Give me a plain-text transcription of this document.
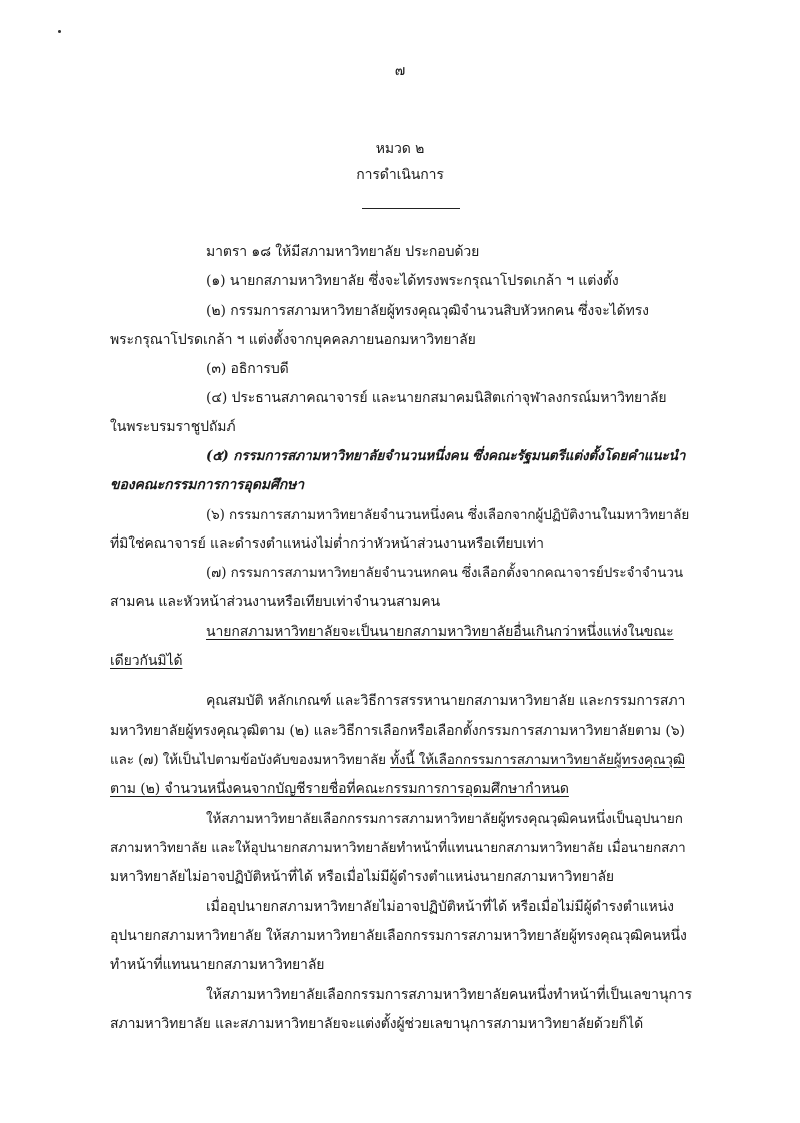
๗
หมวด ๒
การดำเนินการ
มาตรา ๑๘ ให้มีสภามหาวิทยาลัย ประกอบด้วย
(๑) นายกสภามหาวิทยาลัย ซึ่งจะได้ทรงพระกรุณาโปรดเกล้า ฯ แต่งตั้ง
(๒) กรรมการสภามหาวิทยาลัยผู้ทรงคุณวุฒิจำนวนสิบหัวหกคน ซึ่งจะได้ทรง
พระกรุณาโปรดเกล้า ฯ แต่งตั้งจากบุคคลภายนอกมหาวิทยาลัย
(๓) อธิการบดี
(๔) ประธานสภาคณาจารย์ และนายกสมาคมนิสิตเก่าจุฬาลงกรณ์มหาวิทยาลัย
ในพระบรมราชูปถัมภ์
(๕) กรรมการสภามหาวิทยาลัยจำนวนหนึ่งคน ซึ่งคณะรัฐมนตรีแต่งตั้งโดยคำแนะนำ
ของคณะกรรมการการอุดมศึกษา
(๖) กรรมการสภามหาวิทยาลัยจำนวนหนึ่งคน ซึ่งเลือกจากผู้ปฏิบัติงานในมหาวิทยาลัย
ที่มิใช่คณาจารย์ และดำรงตำแหน่งไม่ต่ำกว่าหัวหน้าส่วนงานหรือเทียบเท่า
(๗) กรรมการสภามหาวิทยาลัยจำนวนหกคน ซึ่งเลือกตั้งจากคณาจารย์ประจำจำนวน
สามคน และหัวหน้าส่วนงานหรือเทียบเท่าจำนวนสามคน
นายกสภามหาวิทยาลัยจะเป็นนายกสภามหาวิทยาลัยอื่นเกินกว่าหนึ่งแห่งในขณะ
เดียวกันมิได้
คุณสมบัติ หลักเกณฑ์ และวิธีการสรรหานายกสภามหาวิทยาลัย และกรรมการสภา
มหาวิทยาลัยผู้ทรงคุณวุฒิตาม (๒) และวิธีการเลือกหรือเลือกตั้งกรรมการสภามหาวิทยาลัยตาม (๖)
และ (๗) ให้เป็นไปตามข้อบังคับของมหาวิทยาลัย ทั้งนี้ ให้เลือกกรรมการสภามหาวิทยาลัยผู้ทรงคุณวุฒิ
ตาม (๒) จำนวนหนึ่งคนจากบัญชีรายชื่อที่คณะกรรมการการอุดมศึกษากำหนด
ให้สภามหาวิทยาลัยเลือกกรรมการสภามหาวิทยาลัยผู้ทรงคุณวุฒิคนหนึ่งเป็นอุปนายก
สภามหาวิทยาลัย และให้อุปนายกสภามหาวิทยาลัยทำหน้าที่แทนนายกสภามหาวิทยาลัย เมื่อนายกสภา
มหาวิทยาลัยไม่อาจปฏิบัติหน้าที่ได้ หรือเมื่อไม่มีผู้ดำรงตำแหน่งนายกสภามหาวิทยาลัย
เมื่ออุปนายกสภามหาวิทยาลัยไม่อาจปฏิบัติหน้าที่ได้ หรือเมื่อไม่มีผู้ดำรงตำแหน่ง
อุปนายกสภามหาวิทยาลัย ให้สภามหาวิทยาลัยเลือกกรรมการสภามหาวิทยาลัยผู้ทรงคุณวุฒิคนหนึ่ง
ทำหน้าที่แทนนายกสภามหาวิทยาลัย
ให้สภามหาวิทยาลัยเลือกกรรมการสภามหาวิทยาลัยคนหนึ่งทำหน้าที่เป็นเลขานุการ
สภามหาวิทยาลัย และสภามหาวิทยาลัยจะแต่งตั้งผู้ช่วยเลขานุการสภามหาวิทยาลัยด้วยก็ได้
